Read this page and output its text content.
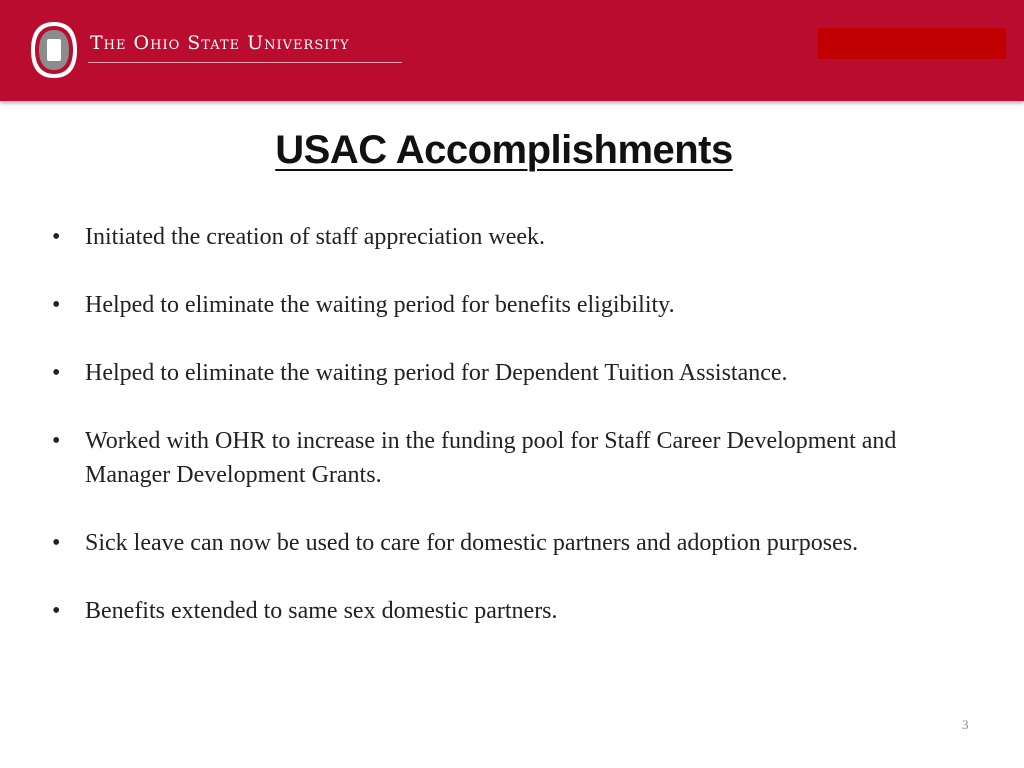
The Ohio State University
USAC Accomplishments
• Initiated the creation of staff appreciation week.
• Helped to eliminate the waiting period for benefits eligibility.
• Helped to eliminate the waiting period for Dependent Tuition Assistance.
• Worked with OHR to increase in the funding pool for Staff Career Development and Manager Development Grants.
• Sick leave can now be used to care for domestic partners and adoption purposes.
• Benefits extended to same sex domestic partners.
3
